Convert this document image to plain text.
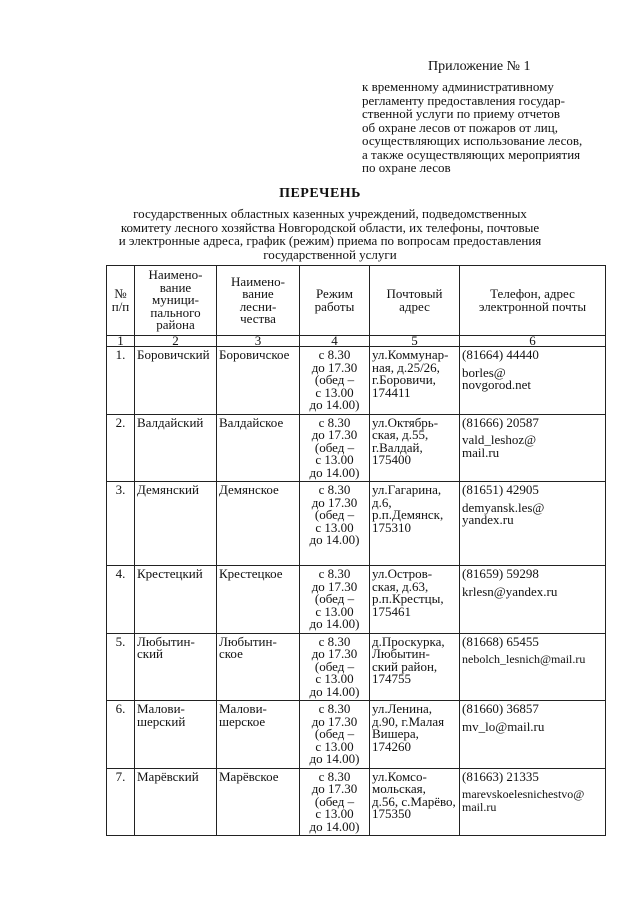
Приложение № 1
к временному административному
регламенту предоставления государ-
ственной услуги по приему отчетов
об охране лесов от пожаров от лиц,
осуществляющих использование лесов,
а также осуществляющих мероприятия
по охране лесов
ПЕРЕЧЕНЬ
государственных областных казенных учреждений, подведомственных
комитету лесного хозяйства Новгородской области, их телефоны, почтовые
и электронные адреса, график (режим) приема по вопросам предоставления
государственной услуги
№
п/п	Наимено-
вание
муници-
пального
района	Наимено-
вание
лесни-
чества	Режим
работы	Почтовый
адрес	Телефон, адрес
электронной почты

1	2	3	4	5	6
1.	Боровичский	Боровичское	с 8.30
до 17.30
(обед –
с 13.00
до 14.00)	ул.Коммунар-
ная, д.25/26,
г.Боровичи,
174411	(81664) 44440
borles@
novgorod.net

2.	Валдайский	Валдайское	с 8.30
до 17.30
(обед –
с 13.00
до 14.00)	ул.Октябрь-
ская, д.55,
г.Валдай,
175400	(81666) 20587
vald_leshoz@
mail.ru

3.	Демянский	Демянское	с 8.30
до 17.30
(обед –
с 13.00
до 14.00)	ул.Гагарина,
д.6,
р.п.Демянск,
175310	(81651) 42905
demyansk.les@
yandex.ru

4.	Крестецкий	Крестецкое	с 8.30
до 17.30
(обед –
с 13.00
до 14.00)	ул.Остров-
ская, д.63,
р.п.Крестцы,
175461	(81659) 59298
krlesn@yandex.ru

5.	Любытин-
ский	Любытин-
ское	с 8.30
до 17.30
(обед –
с 13.00
до 14.00)	д.Проскурка,
Любытин-
ский район,
174755	(81668) 65455
nebolch_lesnich@mail.ru

6.	Малови-
шерский	Малови-
шерское	с 8.30
до 17.30
(обед –
с 13.00
до 14.00)	ул.Ленина,
д.90, г.Малая
Вишера,
174260	(81660) 36857
mv_lo@mail.ru

7.	Марёвский	Марёвское	с 8.30
до 17.30
(обед –
с 13.00
до 14.00)	ул.Комсо-
мольская,
д.56, с.Марёво,
175350	(81663) 21335
marevskoelesnichestvo@
mail.ru
